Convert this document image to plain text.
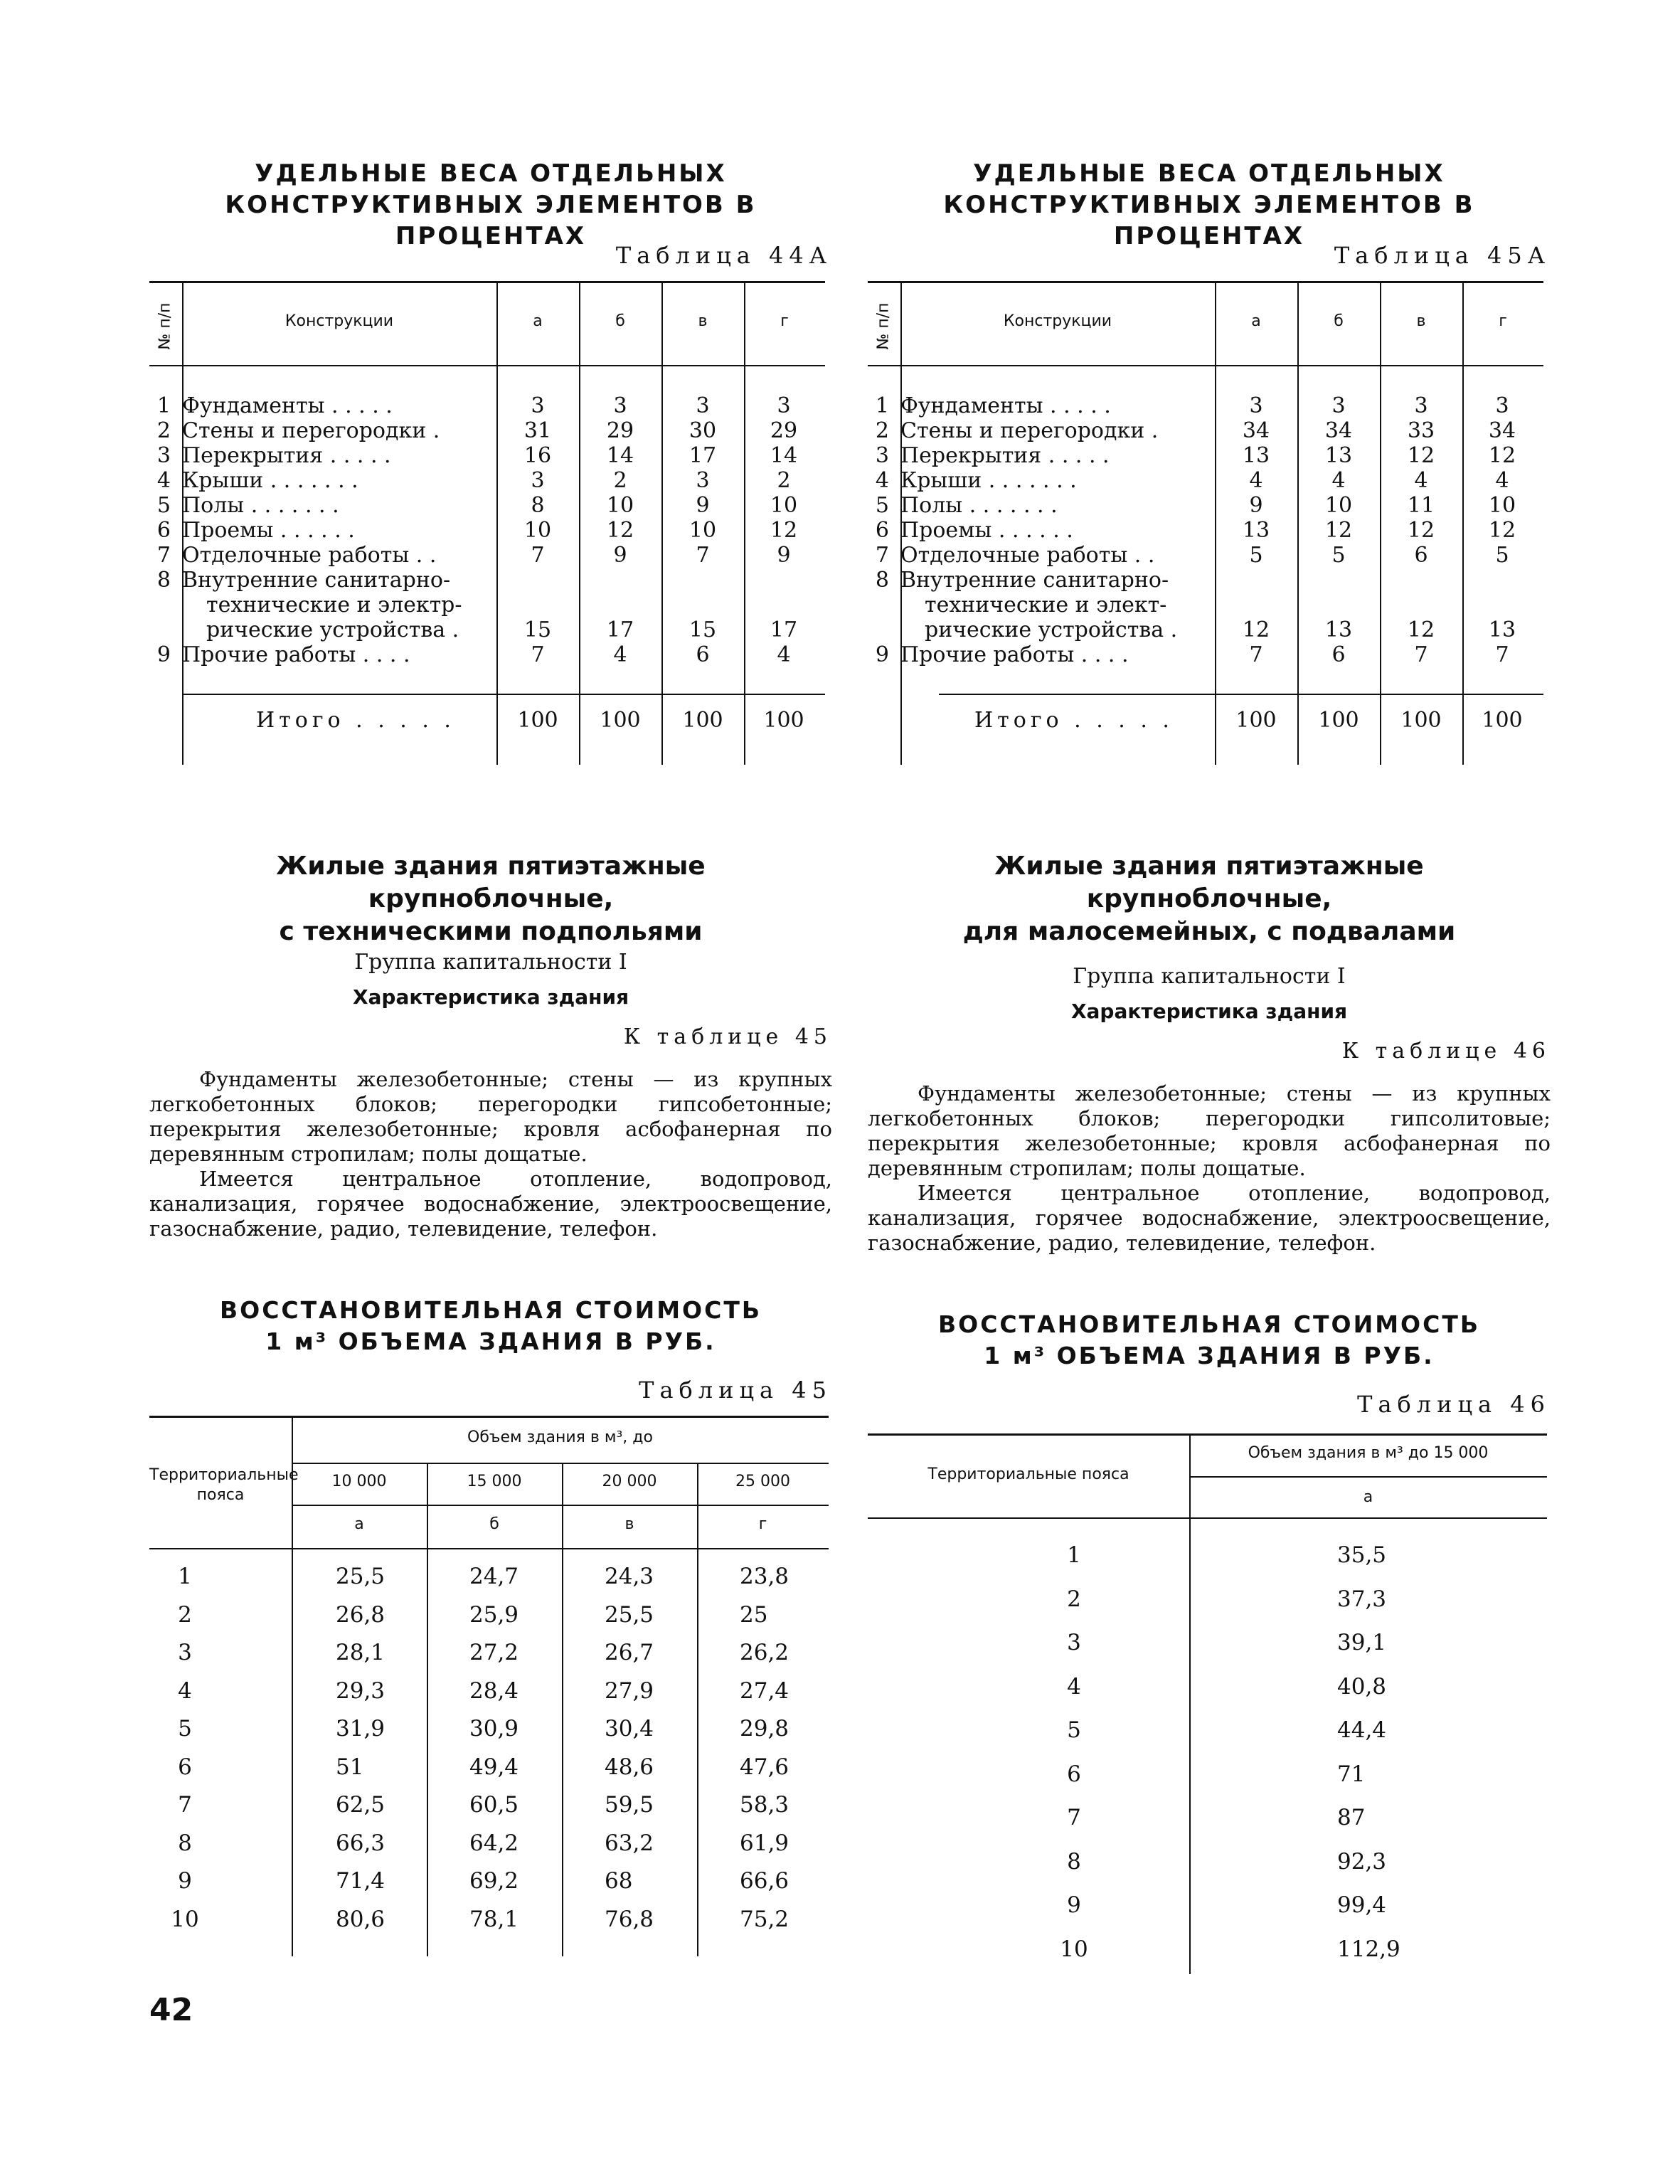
УДЕЛЬНЫЕ ВЕСА ОТДЕЛЬНЫХ
КОНСТРУКТИВНЫХ ЭЛЕМЕНТОВ В ПРОЦЕНТАХ
Таблица 44А
№ п/п	Конструкции	а	б	в	г
1 Фундаменты . . . . .	3	3	3	3
2 Стены и перегородки .	31	29	30	29
3 Перекрытия . . . . .	16	14	17	14
4 Крыши . . . . . . .	3	2	3	2
5 Полы . . . . . . .	8	10	9	10
6 Проемы . . . . . .	10	12	10	12
7 Отделочные работы . .	7	9	7	9
8 Внутренние санитарно-
технические и электр-
рические устройства .	15	17	15	17
9 Прочие работы . . . .	7	4	6	4
Итого . . . . .	100	100	100	100
Жилые здания пятиэтажные крупноблочные,
с техническими подпольями
Группа капитальности I
Характеристика здания
К таблице 45

Фундаменты железобетонные; стены — из крупных легкобетонных блоков; перегородки гипсобетонные; перекрытия железобетонные; кровля асбофанерная по деревянным стропилам; полы дощатые.

Имеется центральное отопление, водопровод, канализация, горячее водоснабжение, электроосвещение, газоснабжение, радио, телевидение, телефон.

ВОССТАНОВИТЕЛЬНАЯ СТОИМОСТЬ
1 м³ ОБЪЕМА ЗДАНИЯ В РУБ.
Таблица 45
Территориальные пояса
Объем здания в м³, до
10 000	15 000	20 000	25 000
а	б	в	г
1	25,5	24,7	24,3	23,8
2	26,8	25,9	25,5	25
3	28,1	27,2	26,7	26,2
4	29,3	28,4	27,9	27,4
5	31,9	30,9	30,4	29,8
6	51	49,4	48,6	47,6
7	62,5	60,5	59,5	58,3
8	66,3	64,2	63,2	61,9
9	71,4	69,2	68	66,6
10	80,6	78,1	76,8	75,2
УДЕЛЬНЫЕ ВЕСА ОТДЕЛЬНЫХ
КОНСТРУКТИВНЫХ ЭЛЕМЕНТОВ В ПРОЦЕНТАХ
Таблица 45А
№ п/п	Конструкции	а	б	в	г
1 Фундаменты . . . . .	3	3	3	3
2 Стены и перегородки .	34	34	33	34
3 Перекрытия . . . . .	13	13	12	12
4 Крыши . . . . . . .	4	4	4	4
5 Полы . . . . . . .	9	10	11	10
6 Проемы . . . . . .	13	12	12	12
7 Отделочные работы . .	5	5	6	5
8 Внутренние санитарно-
технические и элект-
рические устройства .	12	13	12	13
9 Прочие работы . . . .	7	6	7	7
Итого . . . . .	100	100	100	100
Жилые здания пятиэтажные крупноблочные,
для малосемейных, с подвалами
Группа капитальности I
Характеристика здания
К таблице 46

Фундаменты железобетонные; стены — из крупных легкобетонных блоков; перегородки гипсолитовые; перекрытия железобетонные; кровля асбофанерная по деревянным стропилам; полы дощатые.

Имеется центральное отопление, водопровод, канализация, горячее водоснабжение, электроосвещение, газоснабжение, радио, телевидение, телефон.

ВОССТАНОВИТЕЛЬНАЯ СТОИМОСТЬ
1 м³ ОБЪЕМА ЗДАНИЯ В РУБ.
Таблица 46
Территориальные пояса
Объем здания в м³ до 15 000
а
1	35,5
2	37,3
3	39,1
4	40,8
5	44,4
6	71
7	87
8	92,3
9	99,4
10	112,9
42
